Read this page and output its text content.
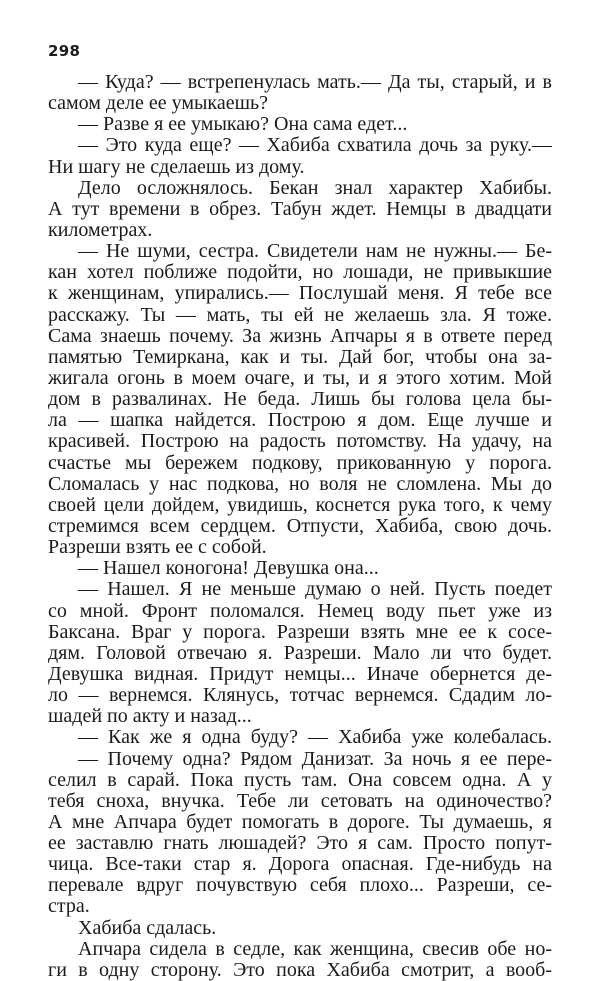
298
— Куда? — встрепенулась мать.— Да ты, старый, и в
самом деле ее умыкаешь?
— Разве я ее умыкаю? Она сама едет...
— Это куда еще? — Хабиба схватила дочь за руку.—
Ни шагу не сделаешь из дому.
Дело осложнялось. Бекан знал характер Хабибы.
А тут времени в обрез. Табун ждет. Немцы в двадцати
километрах.
— Не шуми, сестра. Свидетели нам не нужны.— Бе-
кан хотел поближе подойти, но лошади, не привыкшие
к женщинам, упирались.— Послушай меня. Я тебе все
расскажу. Ты — мать, ты ей не желаешь зла. Я тоже.
Сама знаешь почему. За жизнь Апчары я в ответе перед
памятью Темиркана, как и ты. Дай бог, чтобы она за-
жигала огонь в моем очаге, и ты, и я этого хотим. Мой
дом в развалинах. Не беда. Лишь бы голова цела бы-
ла — шапка найдется. Построю я дом. Еще лучше и
красивей. Построю на радость потомству. На удачу, на
счастье мы бережем подкову, прикованную у порога.
Сломалась у нас подкова, но воля не сломлена. Мы до
своей цели дойдем, увидишь, коснется рука того, к чему
стремимся всем сердцем. Отпусти, Хабиба, свою дочь.
Разреши взять ее с собой.
— Нашел коногона! Девушка она...
— Нашел. Я не меньше думаю о ней. Пусть поедет
со мной. Фронт поломался. Немец воду пьет уже из
Баксана. Враг у порога. Разреши взять мне ее к сосе-
дям. Головой отвечаю я. Разреши. Мало ли что будет.
Девушка видная. Придут немцы... Иначе обернется де-
ло — вернемся. Клянусь, тотчас вернемся. Сдадим ло-
шадей по акту и назад...
— Как же я одна буду? — Хабиба уже колебалась.
— Почему одна? Рядом Данизат. За ночь я ее пере-
селил в сарай. Пока пусть там. Она совсем одна. А у
тебя сноха, внучка. Тебе ли сетовать на одиночество?
А мне Апчара будет помогать в дороге. Ты думаешь, я
ее заставлю гнать люшадей? Это я сам. Просто попут-
чица. Все-таки стар я. Дорога опасная. Где-нибудь на
перевале вдруг почувствую себя плохо... Разреши, се-
стра.
Хабиба сдалась.
Апчара сидела в седле, как женщина, свесив обе но-
ги в одну сторону. Это пока Хабиба смотрит, а вооб-
